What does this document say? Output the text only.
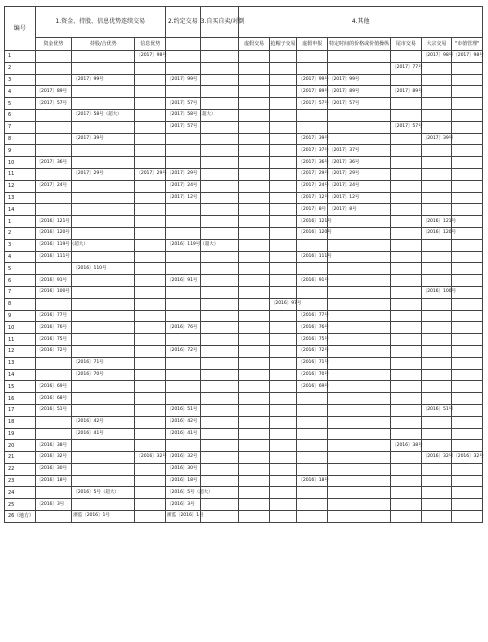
编号	1.资金、持股、信息优势连续交易			2.约定交易	3.自买自卖/对倒	4.其他						
	资金优势	持股/合优势	信息优势			虚假交易	抢帽子交易	虚假申报	特定时间的价格或价值操纵	尾市交易	大宗交易	"市值管理"
1			〔2017〕98号								〔2017〕98号	〔2017〕98号
2										〔2017〕77号		
3		〔2017〕99号		〔2017〕99号				〔2017〕99号	〔2017〕99号			
4	〔2017〕89号							〔2017〕89号	〔2017〕89号	〔2017〕89号		
5	〔2017〕57号			〔2017〕57号				〔2017〕57号	〔2017〕57号			
6		〔2017〕58号（超大）		〔2017〕58号（超大）								
7				〔2017〕57号						〔2017〕57号		
8		〔2017〕39号						〔2017〕39号			〔2017〕39号	
9								〔2017〕37号	〔2017〕37号			
10	〔2017〕36号							〔2017〕36号	〔2017〕36号			
11		〔2017〕29号	〔2017〕29号	〔2017〕29号				〔2017〕29号	〔2017〕29号			
12	〔2017〕24号			〔2017〕24号				〔2017〕24号	〔2017〕24号			
13				〔2017〕12号				〔2017〕12号	〔2017〕12号			
14								〔2017〕8号	〔2017〕8号			
1	〔2016〕121号							〔2016〕121号			〔2016〕121号	
2	〔2016〕120号							〔2016〕120号			〔2016〕120号	
3	〔2016〕119号（超大）			〔2016〕119号（超大）								
4	〔2016〕111号							〔2016〕111号				
5		〔2016〕110号										
6	〔2016〕91号			〔2016〕91号				〔2016〕91号				
7	〔2016〕100号										〔2016〕100号	
8							〔2016〕97号					
9	〔2016〕77号							〔2016〕77号				
10	〔2016〕76号			〔2016〕76号				〔2016〕76号				
11	〔2016〕75号							〔2016〕75号				
12	〔2016〕72号			〔2016〕72号				〔2016〕72号				
13		〔2016〕71号						〔2016〕71号				
14		〔2016〕70号						〔2016〕70号				
15	〔2016〕69号							〔2016〕69号				
16	〔2016〕68号											
17	〔2016〕51号			〔2016〕51号							〔2016〕51号	
18		〔2016〕42号		〔2016〕42号								
19		〔2016〕41号		〔2016〕41号								
20	〔2016〕38号									〔2016〕38号		
21	〔2016〕32号		〔2016〕32号	〔2016〕32号							〔2016〕32号	〔2016〕32号
22	〔2016〕30号			〔2016〕30号								
23	〔2016〕18号			〔2016〕18号				〔2016〕18号				
24		〔2016〕5号（超大）		〔2016〕5号（超大）								
25	〔2016〕3号			〔2016〕3号								
26（地方）		浙监〔2016〕1号		浙监〔2016〕1号								
